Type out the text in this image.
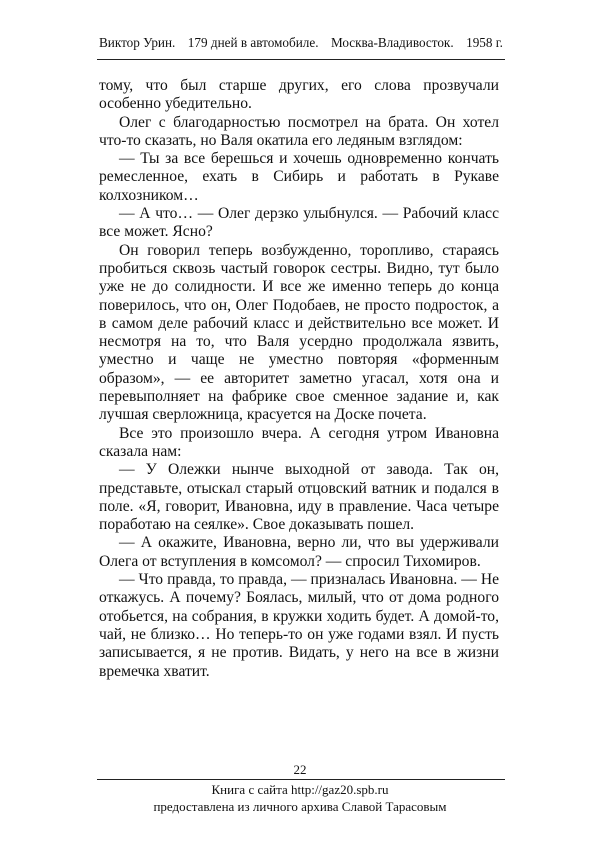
Виктор Урин. 179 дней в автомобиле. Москва-Владивосток. 1958 г.

тому, что был старше других, его слова прозвучали особенно убедительно.

Олег с благодарностью посмотрел на брата. Он хотел что-то сказать, но Валя окатила его ледяным взглядом:

— Ты за все берешься и хочешь одновременно кончать ремесленное, ехать в Сибирь и работать в Рукаве колхозником…

— А что… — Олег дерзко улыбнулся. — Рабочий класс все может. Ясно?

Он говорил теперь возбужденно, торопливо, стараясь пробиться сквозь частый говорок сестры. Видно, тут было уже не до солидности. И все же именно теперь до конца поверилось, что он, Олег Подобаев, не просто подросток, а в самом деле рабочий класс и действительно все может. И несмотря на то, что Валя усердно продолжала язвить, уместно и чаще не уместно повторяя «форменным образом», — ее авторитет заметно угасал, хотя она и перевыполняет на фабрике свое сменное задание и, как лучшая сверложница, красуется на Доске почета.

Все это произошло вчера. А сегодня утром Ивановна сказала нам:

— У Олежки нынче выходной от завода. Так он, представьте, отыскал старый отцовский ватник и подался в поле. «Я, говорит, Ивановна, иду в правление. Часа четыре поработаю на сеялке». Свое доказывать пошел.

— А окажите, Ивановна, верно ли, что вы удерживали Олега от вступления в комсомол? — спросил Тихомиров.

— Что правда, то правда, — призналась Ивановна. — Не откажусь. А почему? Боялась, милый, что от дома родного отобьется, на собрания, в кружки ходить будет. А домой-то, чай, не близко… Но теперь-то он уже годами взял. И пусть записывается, я не против. Видать, у него на все в жизни времечка хватит.

22
Книга с сайта http://gaz20.spb.ru
предоставлена из личного архива Славой Тарасовым
